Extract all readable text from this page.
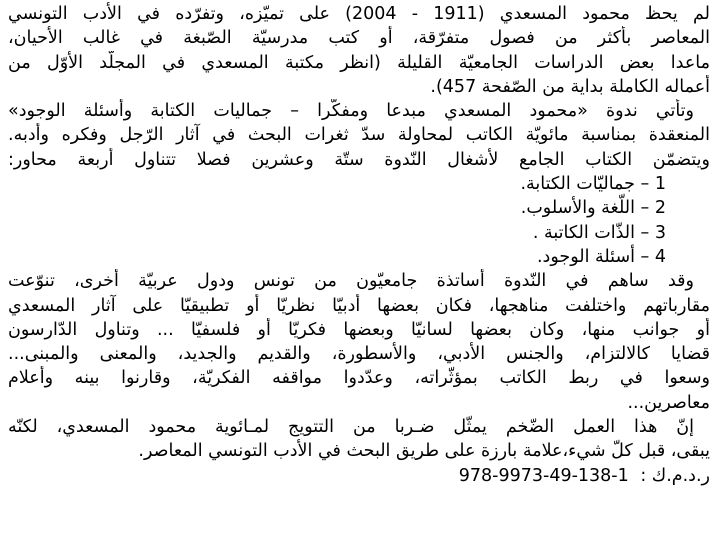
لم يحظ محمود المسعدي (1911 - 2004) على تميّزه، وتفرّده في الأدب التونسي
المعاصر بأكثر من فصول متفرّقة، أو كتب مدرسيّة الصّبغة في غالب الأحيان،
ماعدا بعض الدراسات الجامعيّة القليلة (انظر مكتبة المسعدي في المجلّد الأوّل من
أعماله الكاملة بداية من الصّفحة 457).
وتأتي ندوة «محمود المسعدي مبدعا ومفكّرا – جماليات الكتابة وأسئلة الوجود»
المنعقدة بمناسبة مائويّة الكاتب لمحاولة سدّ ثغرات البحث في آثار الرّجل وفكره وأدبه.
ويتضمّن الكتاب الجامع لأشغال النّدوة ستّة وعشرين فصلا تتناول أربعة محاور:
1 – جماليّات الكتابة.
2 – اللّغة والأسلوب.
3 – الذّات الكاتبة .
4 – أسئلة الوجود.
وقد ساهم في النّدوة أساتذة جامعيّون من تونس ودول عربيّة أخرى، تنوّعت
مقارباتهم واختلفت مناهجها، فكان بعضها أدبيّا نظريّا أو تطبيقيّا على آثار المسعدي
أو جوانب منها، وكان بعضها لسانيّا وبعضها فكريّا أو فلسفيّا ... وتناول الدّارسون
قضايا كالالتزام، والجنس الأدبي، والأسطورة، والقديم والجديد، والمعنى والمبنى...
وسعوا في ربط الكاتب بمؤثّراته، وعدّدوا مواقفه الفكريّة، وقارنوا بينه وأعلام
معاصرين...
إنّ هذا العمل الضّخم يمثّل ضـربا من التتويج لمـائوية محمود المسعدي، لكنّه
يبقى، قبل كلّ شيء،علامة بارزة على طريق البحث في الأدب التونسي المعاصر.
ر.د.م.ك : 978-9973-49-138-1
